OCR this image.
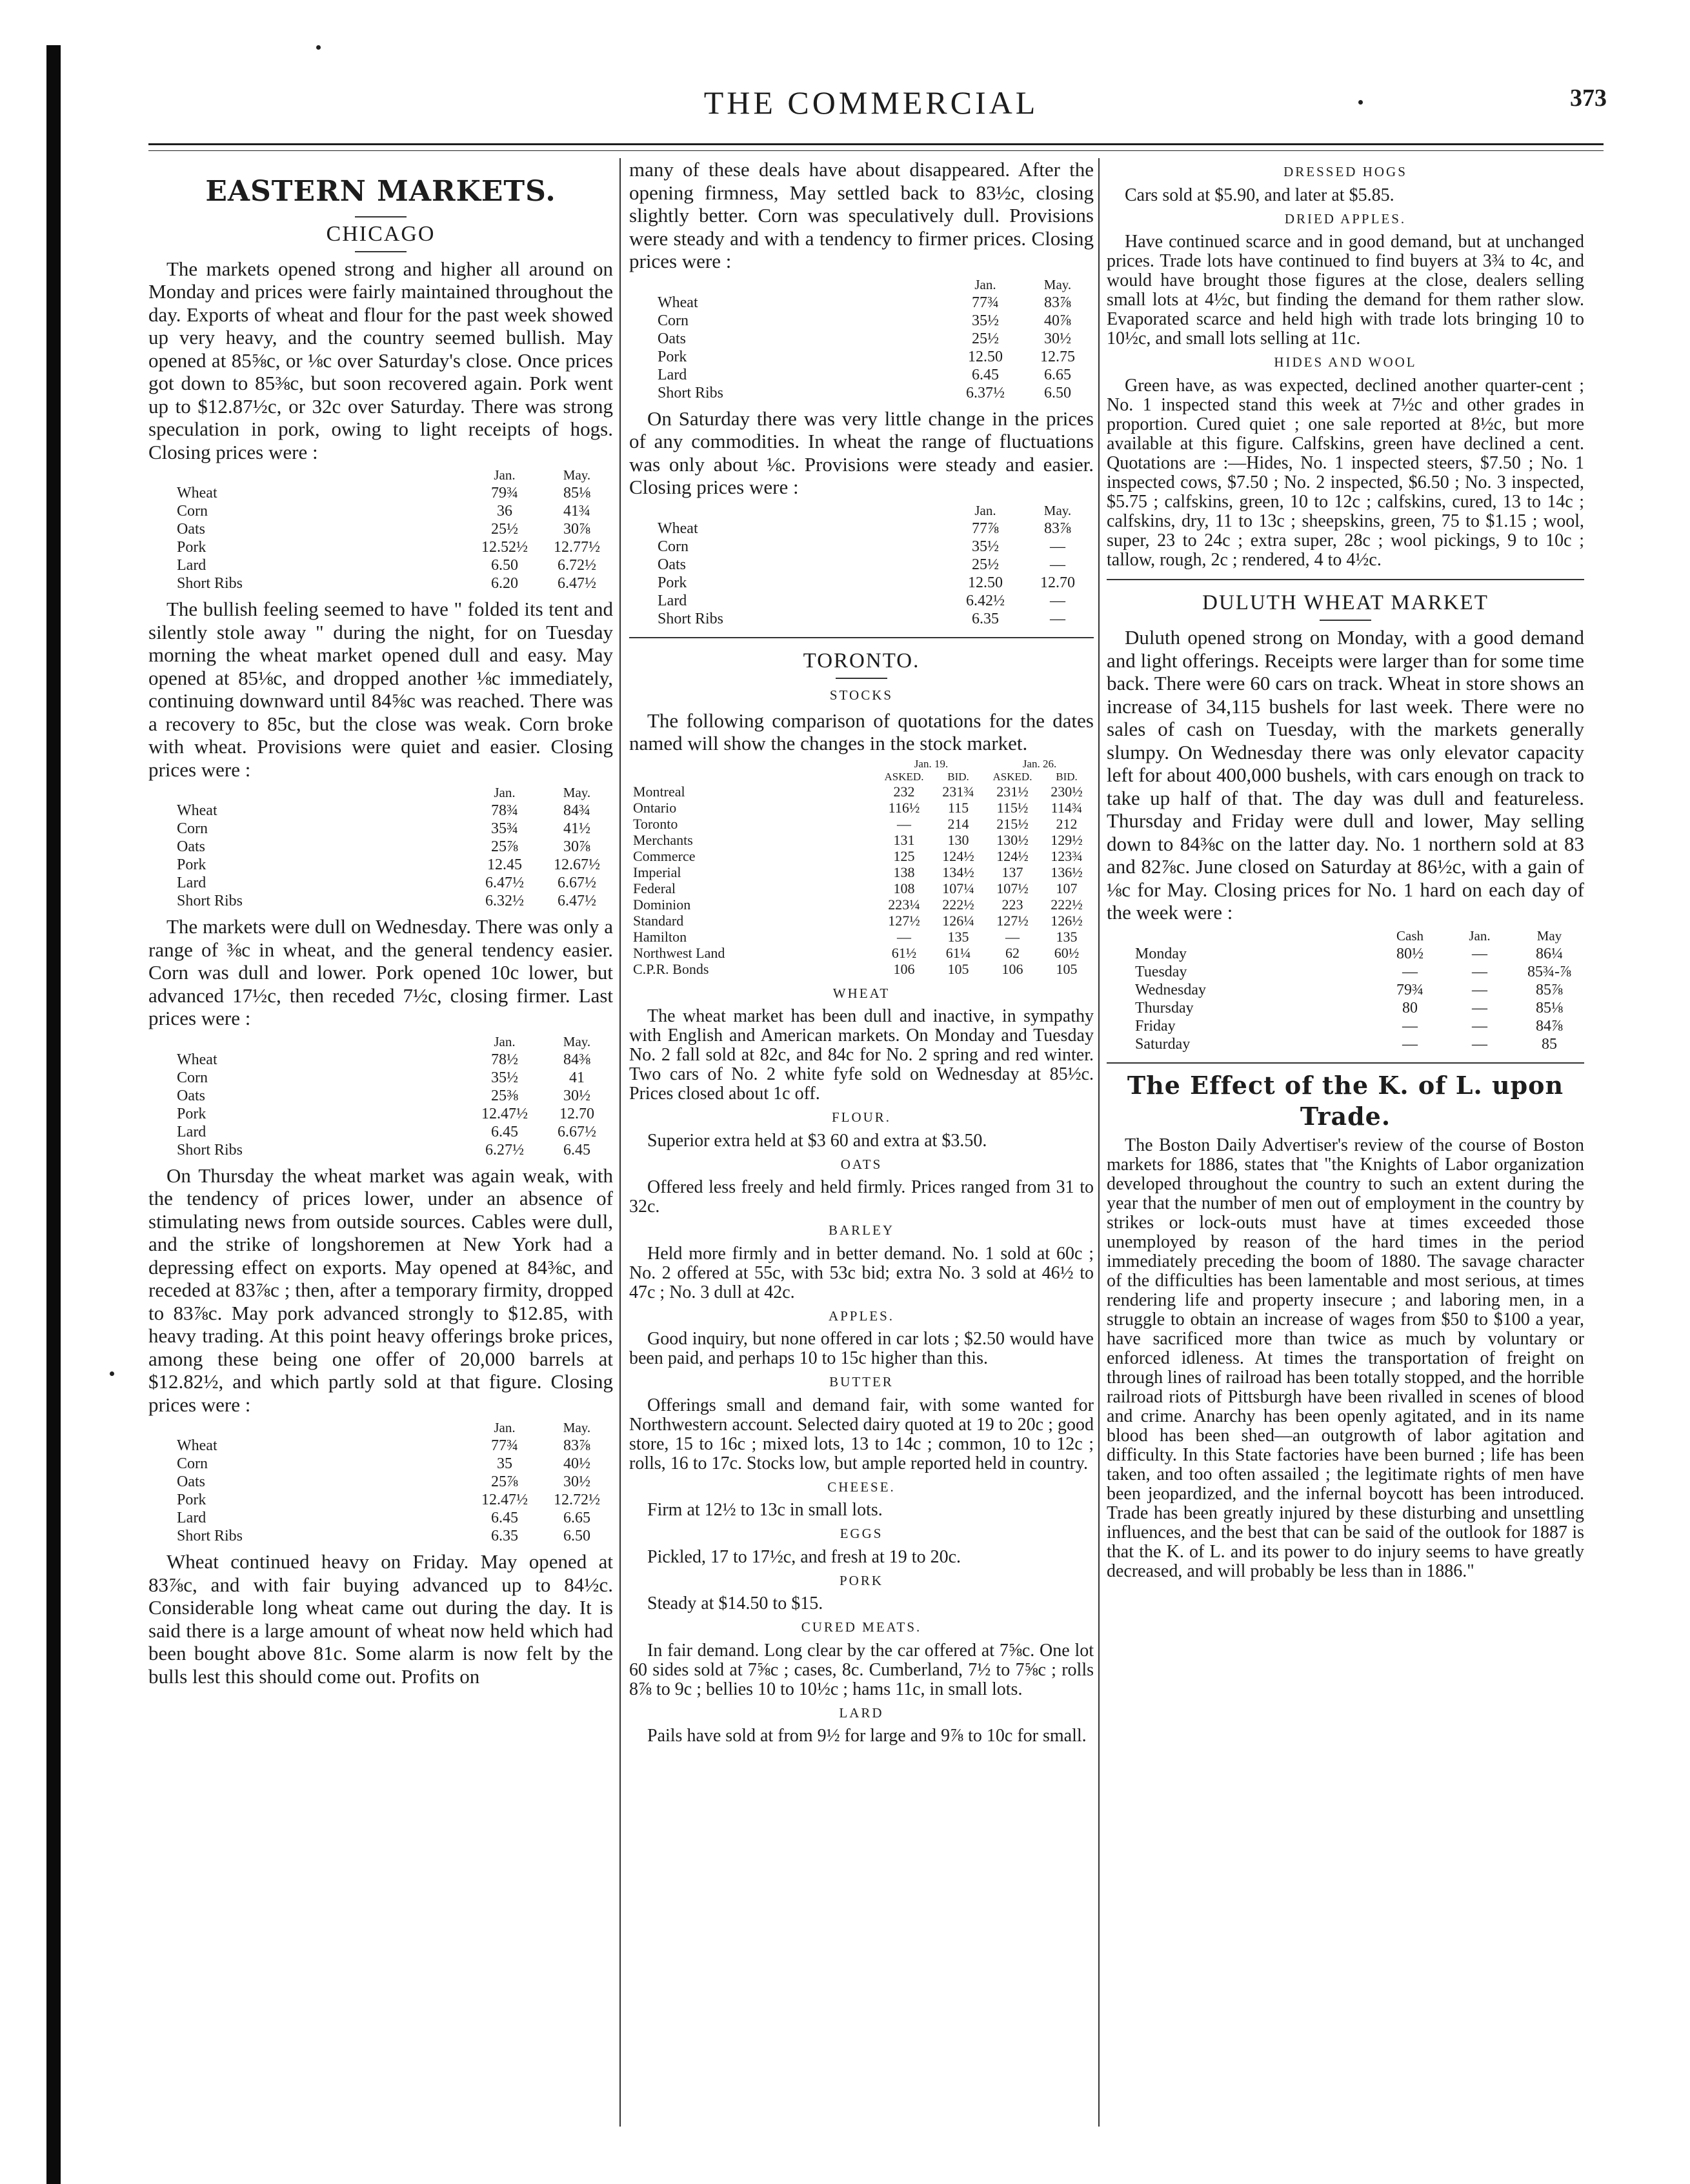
THE COMMERCIAL	373
EASTERN MARKETS.
CHICAGO

The markets opened strong and higher all around on Monday and prices were fairly maintained throughout the day. Exports of wheat and flour for the past week showed up very heavy, and the country seemed bullish. May opened at 85⅝c, or ⅛c over Saturday's close. Once prices got down to 85⅜c, but soon recovered again. Pork went up to $12.87½c, or 32c over Saturday. There was strong speculation in pork, owing to light receipts of hogs. Closing prices were :

	Jan.	May.
Wheat	79¾	85⅛
Corn	36	41¾
Oats	25½	30⅞
Pork	12.52½	12.77½
Lard	6.50	6.72½
Short Ribs	6.20	6.47½

The bullish feeling seemed to have " folded its tent and silently stole away " during the night, for on Tuesday morning the wheat market opened dull and easy. May opened at 85⅛c, and dropped another ⅛c immediately, continuing downward until 84⅝c was reached. There was a recovery to 85c, but the close was weak. Corn broke with wheat. Provisions were quiet and easier. Closing prices were :

	Jan.	May.
Wheat	78¾	84¾
Corn	35¾	41½
Oats	25⅞	30⅞
Pork	12.45	12.67½
Lard	6.47½	6.67½
Short Ribs	6.32½	6.47½

The markets were dull on Wednesday. There was only a range of ⅜c in wheat, and the general tendency easier. Corn was dull and lower. Pork opened 10c lower, but advanced 17½c, then receded 7½c, closing firmer. Last prices were :

	Jan.	May.
Wheat	78½	84⅜
Corn	35½	41
Oats	25⅜	30½
Pork	12.47½	12.70
Lard	6.45	6.67½
Short Ribs	6.27½	6.45

On Thursday the wheat market was again weak, with the tendency of prices lower, under an absence of stimulating news from outside sources. Cables were dull, and the strike of longshoremen at New York had a depressing effect on exports. May opened at 84⅜c, and receded at 83⅞c ; then, after a temporary firmity, dropped to 83⅞c. May pork advanced strongly to $12.85, with heavy trading. At this point heavy offerings broke prices, among these being one offer of 20,000 barrels at $12.82½, and which partly sold at that figure. Closing prices were :

	Jan.	May.
Wheat	77¾	83⅞
Corn	35	40½
Oats	25⅞	30½
Pork	12.47½	12.72½
Lard	6.45	6.65
Short Ribs	6.35	6.50

Wheat continued heavy on Friday. May opened at 83⅞c, and with fair buying advanced up to 84½c. Considerable long wheat came out during the day. It is said there is a large amount of wheat now held which had been bought above 81c. Some alarm is now felt by the bulls lest this should come out. Profits on

many of these deals have about disappeared. After the opening firmness, May settled back to 83½c, closing slightly better. Corn was speculatively dull. Provisions were steady and with a tendency to firmer prices. Closing prices were :

	Jan.	May.
Wheat	77¾	83⅞
Corn	35½	40⅞
Oats	25½	30½
Pork	12.50	12.75
Lard	6.45	6.65
Short Ribs	6.37½	6.50

On Saturday there was very little change in the prices of any commodities. In wheat the range of fluctuations was only about ⅛c. Provisions were steady and easier. Closing prices were :

	Jan.	May.
Wheat	77⅞	83⅞
Corn	35½	—
Oats	25½	—
Pork	12.50	12.70
Lard	6.42½	—
Short Ribs	6.35	—
TORONTO.
STOCKS

The following comparison of quotations for the dates named will show the changes in the stock market.

	Jan. 19.		Jan. 26.	
	ASKED.	BID.	ASKED.	BID.
Montreal	232	231¾	231½	230½
Ontario	116½	115	115½	114¾
Toronto	—	214	215½	212
Merchants	131	130	130½	129½
Commerce	125	124½	124½	123¾
Imperial	138	134½	137	136½
Federal	108	107¼	107½	107
Dominion	223¼	222½	223	222½
Standard	127½	126¼	127½	126½
Hamilton	—	135	—	135
Northwest Land	61½	61¼	62	60½
C.P.R. Bonds	106	105	106	105
WHEAT

The wheat market has been dull and inactive, in sympathy with English and American markets. On Monday and Tuesday No. 2 fall sold at 82c, and 84c for No. 2 spring and red winter. Two cars of No. 2 white fyfe sold on Wednesday at 85½c. Prices closed about 1c off.

FLOUR.

Superior extra held at $3 60 and extra at $3.50.

OATS

Offered less freely and held firmly. Prices ranged from 31 to 32c.

BARLEY

Held more firmly and in better demand. No. 1 sold at 60c ; No. 2 offered at 55c, with 53c bid; extra No. 3 sold at 46½ to 47c ; No. 3 dull at 42c.

APPLES.

Good inquiry, but none offered in car lots ; $2.50 would have been paid, and perhaps 10 to 15c higher than this.

BUTTER

Offerings small and demand fair, with some wanted for Northwestern account. Selected dairy quoted at 19 to 20c ; good store, 15 to 16c ; mixed lots, 13 to 14c ; common, 10 to 12c ; rolls, 16 to 17c. Stocks low, but ample reported held in country.

CHEESE.

Firm at 12½ to 13c in small lots.

EGGS

Pickled, 17 to 17½c, and fresh at 19 to 20c.

PORK

Steady at $14.50 to $15.

CURED MEATS.

In fair demand. Long clear by the car offered at 7⅝c. One lot 60 sides sold at 7⅝c ; cases, 8c. Cumberland, 7½ to 7⅝c ; rolls 8⅞ to 9c ; bellies 10 to 10½c ; hams 11c, in small lots.

LARD

Pails have sold at from 9½ for large and 9⅞ to 10c for small.

DRESSED HOGS

Cars sold at $5.90, and later at $5.85.

DRIED APPLES.

Have continued scarce and in good demand, but at unchanged prices. Trade lots have continued to find buyers at 3¾ to 4c, and would have brought those figures at the close, dealers selling small lots at 4½c, but finding the demand for them rather slow. Evaporated scarce and held high with trade lots bringing 10 to 10½c, and small lots selling at 11c.

HIDES AND WOOL

Green have, as was expected, declined another quarter-cent ; No. 1 inspected stand this week at 7½c and other grades in proportion. Cured quiet ; one sale reported at 8½c, but more available at this figure. Calfskins, green have declined a cent. Quotations are :—Hides, No. 1 inspected steers, $7.50 ; No. 1 inspected cows, $7.50 ; No. 2 inspected, $6.50 ; No. 3 inspected, $5.75 ; calfskins, green, 10 to 12c ; calfskins, cured, 13 to 14c ; calfskins, dry, 11 to 13c ; sheepskins, green, 75 to $1.15 ; wool, super, 23 to 24c ; extra super, 28c ; wool pickings, 9 to 10c ; tallow, rough, 2c ; rendered, 4 to 4½c.

DULUTH WHEAT MARKET

Duluth opened strong on Monday, with a good demand and light offerings. Receipts were larger than for some time back. There were 60 cars on track. Wheat in store shows an increase of 34,115 bushels for last week. There were no sales of cash on Tuesday, with the markets generally slumpy. On Wednesday there was only elevator capacity left for about 400,000 bushels, with cars enough on track to take up half of that. The day was dull and featureless. Thursday and Friday were dull and lower, May selling down to 84⅜c on the latter day. No. 1 northern sold at 83 and 82⅞c. June closed on Saturday at 86½c, with a gain of ⅛c for May. Closing prices for No. 1 hard on each day of the week were :

	Cash	Jan.	May
Monday	80½	—	86¼
Tuesday	—	—	85¾-⅞
Wednesday	79¾	—	85⅞
Thursday	80	—	85⅛
Friday	—	—	84⅞
Saturday	—	—	85
The Effect of the K. of L. upon Trade.

The Boston Daily Advertiser's review of the course of Boston markets for 1886, states that "the Knights of Labor organization developed throughout the country to such an extent during the year that the number of men out of employment in the country by strikes or lock-outs must have at times exceeded those unemployed by reason of the hard times in the period immediately preceding the boom of 1880. The savage character of the difficulties has been lamentable and most serious, at times rendering life and property insecure ; and laboring men, in a struggle to obtain an increase of wages from $50 to $100 a year, have sacrificed more than twice as much by voluntary or enforced idleness. At times the transportation of freight on through lines of railroad has been totally stopped, and the horrible railroad riots of Pittsburgh have been rivalled in scenes of blood and crime. Anarchy has been openly agitated, and in its name blood has been shed—an outgrowth of labor agitation and difficulty. In this State factories have been burned ; life has been taken, and too often assailed ; the legitimate rights of men have been jeopardized, and the infernal boycott has been introduced. Trade has been greatly injured by these disturbing and unsettling influences, and the best that can be said of the outlook for 1887 is that the K. of L. and its power to do injury seems to have greatly decreased, and will probably be less than in 1886."
